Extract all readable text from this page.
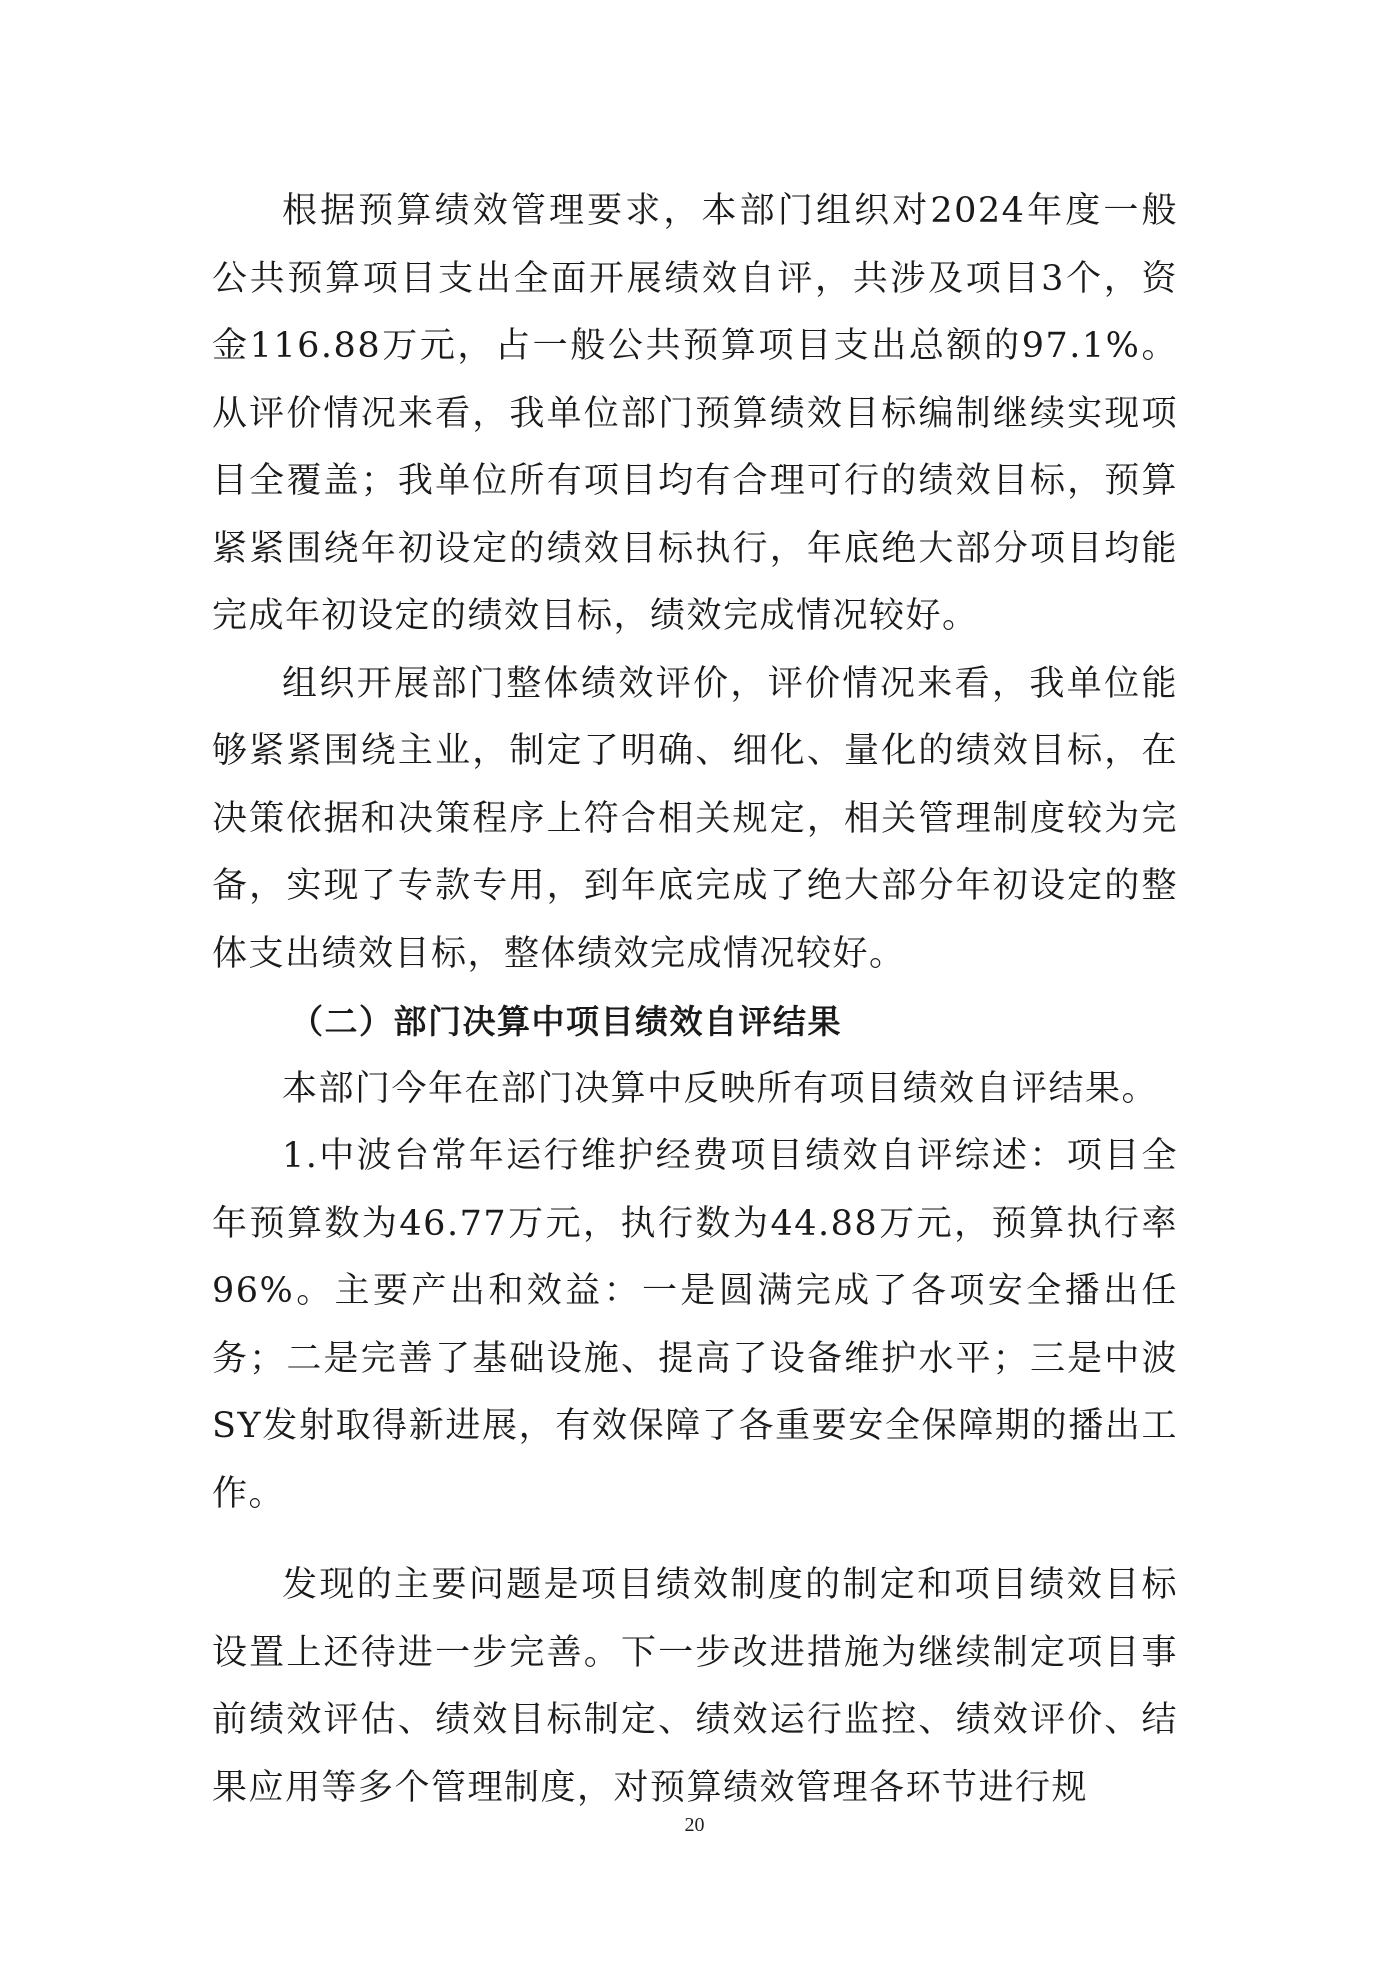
根据预算绩效管理要求，本部门组织对2024年度一般公共预算项目支出全面开展绩效自评，共涉及项目3个，资金116.88万元，占一般公共预算项目支出总额的97.1%。从评价情况来看，我单位部门预算绩效目标编制继续实现项目全覆盖；我单位所有项目均有合理可行的绩效目标，预算紧紧围绕年初设定的绩效目标执行，年底绝大部分项目均能完成年初设定的绩效目标，绩效完成情况较好。

组织开展部门整体绩效评价，评价情况来看，我单位能够紧紧围绕主业，制定了明确、细化、量化的绩效目标，在决策依据和决策程序上符合相关规定，相关管理制度较为完备，实现了专款专用，到年底完成了绝大部分年初设定的整体支出绩效目标，整体绩效完成情况较好。

（二）部门决算中项目绩效自评结果

本部门今年在部门决算中反映所有项目绩效自评结果。

1.中波台常年运行维护经费项目绩效自评综述：项目全年预算数为46.77万元，执行数为44.88万元，预算执行率96%。主要产出和效益：一是圆满完成了各项安全播出任务；二是完善了基础设施、提高了设备维护水平；三是中波SY发射取得新进展，有效保障了各重要安全保障期的播出工作。

发现的主要问题是项目绩效制度的制定和项目绩效目标设置上还待进一步完善。下一步改进措施为继续制定项目事前绩效评估、绩效目标制定、绩效运行监控、绩效评价、结果应用等多个管理制度，对预算绩效管理各环节进行规

20
